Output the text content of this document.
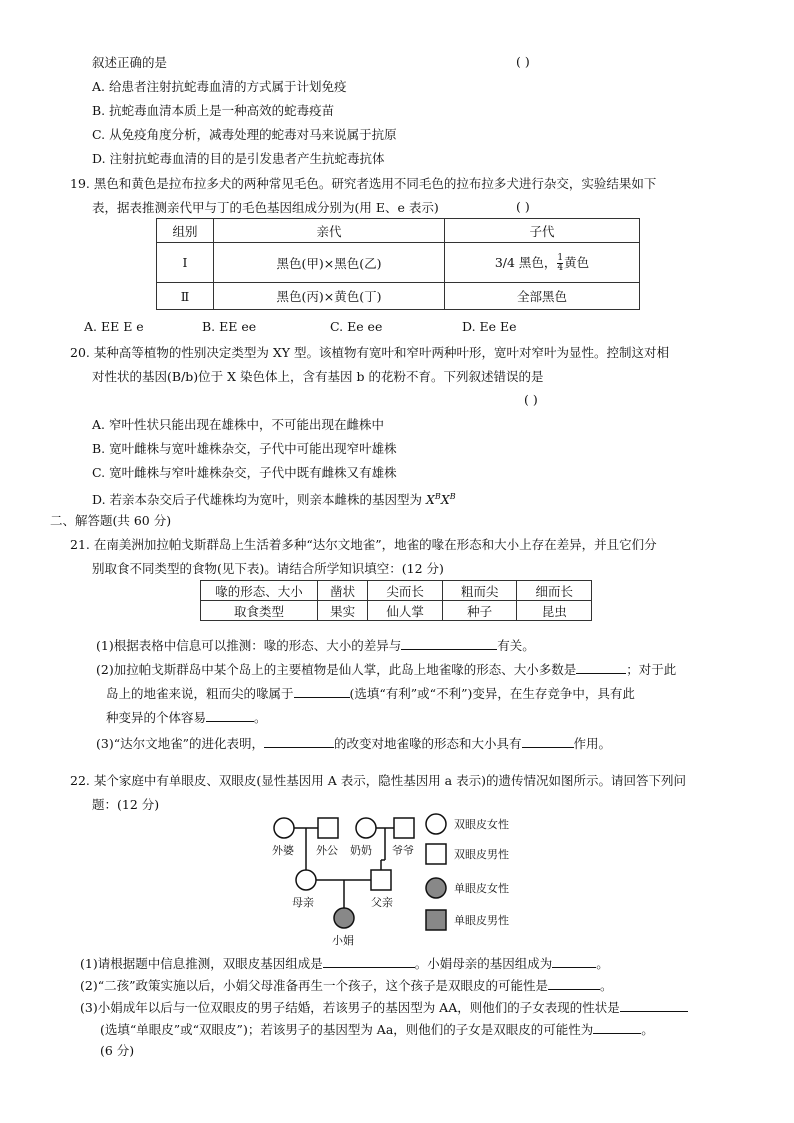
叙述正确的是	( )
A. 给患者注射抗蛇毒血清的方式属于计划免疫
B. 抗蛇毒血清本质上是一种高效的蛇毒疫苗
C. 从免疫角度分析，减毒处理的蛇毒对马来说属于抗原
D. 注射抗蛇毒血清的目的是引发患者产生抗蛇毒抗体
19. 黑色和黄色是拉布拉多犬的两种常见毛色。研究者选用不同毛色的拉布拉多犬进行杂交，实验结果如下
表，据表推测亲代甲与丁的毛色基因组成分别为(用 E、e 表示)	( )
组别	亲代	子代
I	黑色(甲)×黑色(乙)	3/4 黑色， $\frac{1}{4}$ 黄色
Ⅱ	黑色(丙)×黄色(丁)	全部黑色
A. EE E e	B. EE ee	C. Ee ee	D. Ee Ee
20. 某种高等植物的性别决定类型为 XY 型。该植物有宽叶和窄叶两种叶形，宽叶对窄叶为显性。控制这对相
对性状的基因(B/b)位于 X 染色体上，含有基因 b 的花粉不育。下列叙述错误的是
( )
A. 窄叶性状只能出现在雄株中，不可能出现在雌株中
B. 宽叶雌株与宽叶雄株杂交，子代中可能出现窄叶雄株
C. 宽叶雌株与窄叶雄株杂交，子代中既有雌株又有雄株
D. 若亲本杂交后子代雄株均为宽叶，则亲本雌株的基因型为 $X^BX^B$
二、解答题(共 60 分)
21. 在南美洲加拉帕戈斯群岛上生活着多种“达尔文地雀”，地雀的喙在形态和大小上存在差异，并且它们分
别取食不同类型的食物(见下表)。请结合所学知识填空：(12 分)
喙的形态、大小	凿状	尖而长	粗而尖	细而长
取食类型	果实	仙人掌	种子	昆虫
(1)根据表格中信息可以推测：喙的形态、大小的差异与	有关。
(2)加拉帕戈斯群岛中某个岛上的主要植物是仙人掌，此岛上地雀喙的形态、大小多数是	；对于此
岛上的地雀来说，粗而尖的喙属于	(选填“有利”或“不利”)变异，在生存竞争中，具有此
种变异的个体容易	。
(3)“达尔文地雀”的进化表明，	的改变对地雀喙的形态和大小具有	作用。
22. 某个家庭中有单眼皮、双眼皮(显性基因用 A 表示，隐性基因用 a 表示)的遗传情况如图所示。请回答下列问
题：(12 分)
外婆 外公 奶奶 爷爷
母亲	父亲
小娟
双眼皮女性
双眼皮男性
单眼皮女性
单眼皮男性
(1)请根据题中信息推测，双眼皮基因组成是	。小娟母亲的基因组成为	。
(2)“二孩”政策实施以后，小娟父母准备再生一个孩子，这个孩子是双眼皮的可能性是	。
(3)小娟成年以后与一位双眼皮的男子结婚，若该男子的基因型为 AA，则他们的子女表现的性状是
(选填“单眼皮”或“双眼皮”)；若该男子的基因型为 Aa，则他们的子女是双眼皮的可能性为	。
(6 分)
